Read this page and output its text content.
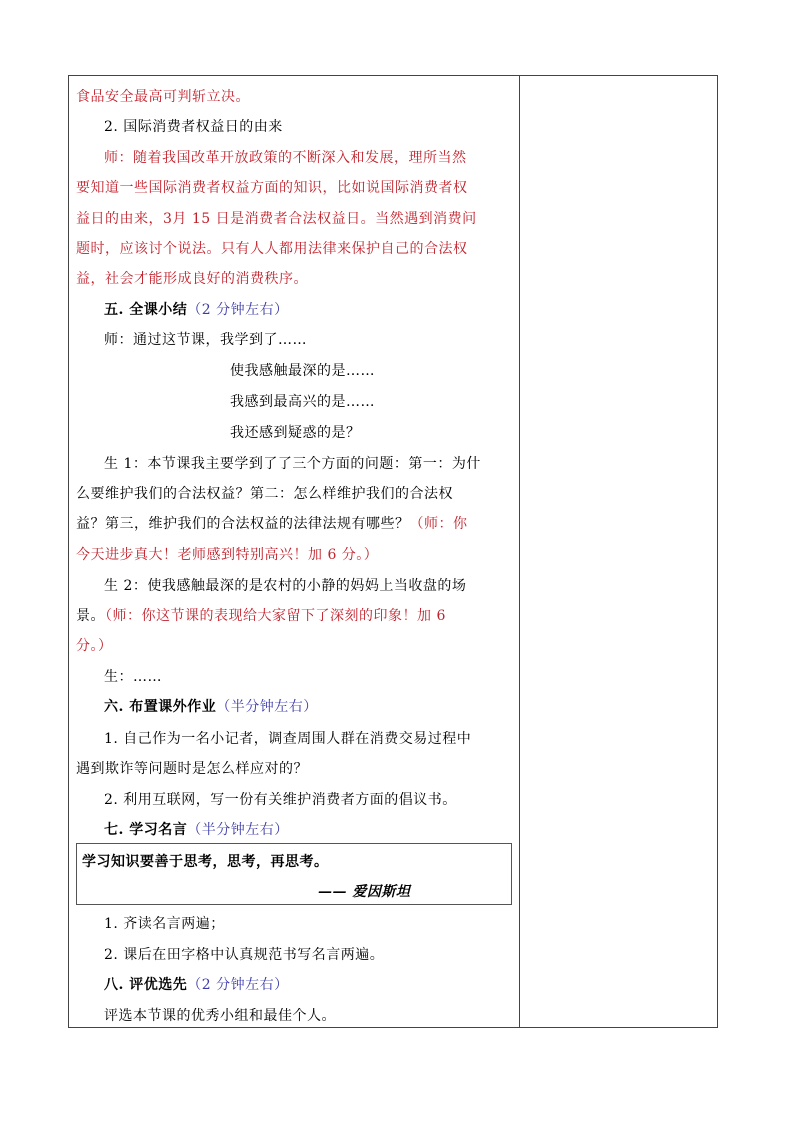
食品安全最高可判斩立决。
2. 国际消费者权益日的由来
师：随着我国改革开放政策的不断深入和发展，理所当然
要知道一些国际消费者权益方面的知识，比如说国际消费者权
益日的由来，3月 15 日是消费者合法权益日。当然遇到消费问
题时，应该讨个说法。只有人人都用法律来保护自己的合法权
益，社会才能形成良好的消费秩序。
五. 全课小结（2 分钟左右）
师：通过这节课，我学到了……
使我感触最深的是……
我感到最高兴的是……
我还感到疑惑的是？
生 1：本节课我主要学到了了三个方面的问题：第一：为什
么要维护我们的合法权益？第二：怎么样维护我们的合法权
益？第三，维护我们的合法权益的法律法规有哪些？（师：你
今天进步真大！老师感到特别高兴！加 6 分。）
生 2：使我感触最深的是农村的小静的妈妈上当收盘的场
景。（师：你这节课的表现给大家留下了深刻的印象！加 6
分。）
生：……
六. 布置课外作业（半分钟左右）
1. 自己作为一名小记者，调查周围人群在消费交易过程中
遇到欺诈等问题时是怎么样应对的？
2. 利用互联网，写一份有关维护消费者方面的倡议书。
七. 学习名言（半分钟左右）
学习知识要善于思考，思考，再思考。
—— 爱因斯坦
1. 齐读名言两遍；
2. 课后在田字格中认真规范书写名言两遍。
八. 评优选先（2 分钟左右）
评选本节课的优秀小组和最佳个人。
